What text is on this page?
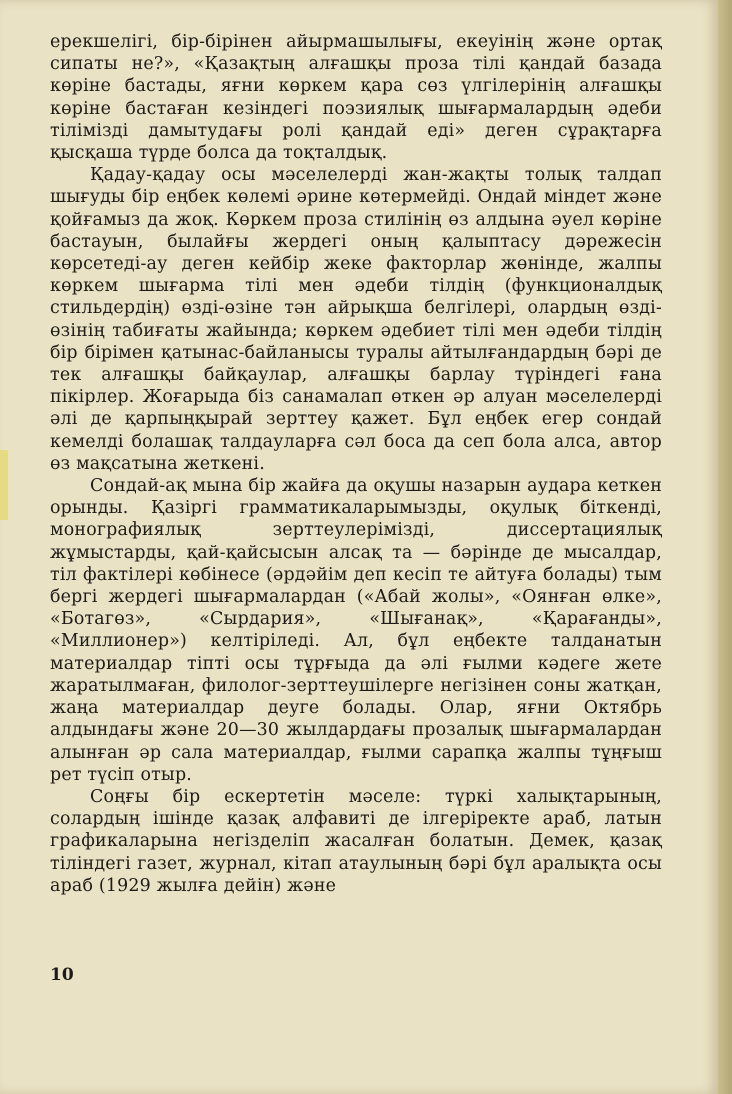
ерекшелігі, бір-бірінен айырмашылығы, екеуінің және ортақ сипаты не?», «Қазақтың алғашқы проза тілі қандай базада көріне бастады, яғни көркем қара сөз үлгілерінің алғашқы көріне бастаған кезіндегі поэзиялық шығармалардың әдеби тілімізді дамытудағы ролі қандай еді» деген сұрақтарға қысқаша түрде болса да тоқталдық.

Қадау-қадау осы мәселелерді жан-жақты толық талдап шығуды бір еңбек көлемі әрине көтермейді. Ондай міндет және қойғамыз да жоқ. Көркем проза стилінің өз алдына әуел көріне бастауын, былайғы жердегі оның қалыптасу дәрежесін көрсетеді-ау деген кейбір жеке факторлар жөнінде, жалпы көркем шығарма тілі мен әдеби тілдің (функционалдық стильдердің) өзді-өзіне тән айрықша белгілері, олардың өзді-өзінің табиғаты жайында; көркем әдебиет тілі мен әдеби тілдің бір бірімен қатынас-байланысы туралы айтылғандардың бәрі де тек алғашқы байқаулар, алғашқы барлау түріндегі ғана пікірлер. Жоғарыда біз санамалап өткен әр алуан мәселелерді әлі де қарпыңқырай зерттеу қажет. Бұл еңбек егер сондай кемелді болашақ талдауларға сәл боса да сеп бола алса, автор өз мақсатына жеткені.

Сондай-ақ мына бір жайға да оқушы назарын аудара кеткен орынды. Қазіргі грамматикаларымызды, оқулық біткенді, монографиялық зерттеулерімізді, диссертациялық жұмыстарды, қай-қайсысын алсақ та — бәрінде де мысалдар, тіл фактілері көбінесе (әрдәйім деп кесіп те айтуға болады) тым бергі жердегі шығармалардан («Абай жолы», «Оянған өлке», «Ботагөз», «Сырдария», «Шығанақ», «Қарағанды», «Миллионер») келтіріледі. Ал, бұл еңбекте талданатын материалдар тіпті осы тұрғыда да әлі ғылми кәдеге жете жаратылмаған, филолог-зерттеушілерге негізінен соны жатқан, жаңа материалдар деуге болады. Олар, яғни Октябрь алдындағы және 20—30 жылдардағы прозалық шығармалардан алынған әр сала материалдар, ғылми сарапқа жалпы тұңғыш рет түсіп отыр.

Соңғы бір ескертетін мәселе: түркі халықтарының, солардың ішінде қазақ алфавиті де ілгеріректе араб, латын графикаларына негізделіп жасалған болатын. Демек, қазақ тіліндегі газет, журнал, кітап атаулының бәрі бұл аралықта осы араб (1929 жылға дейін) және

10
